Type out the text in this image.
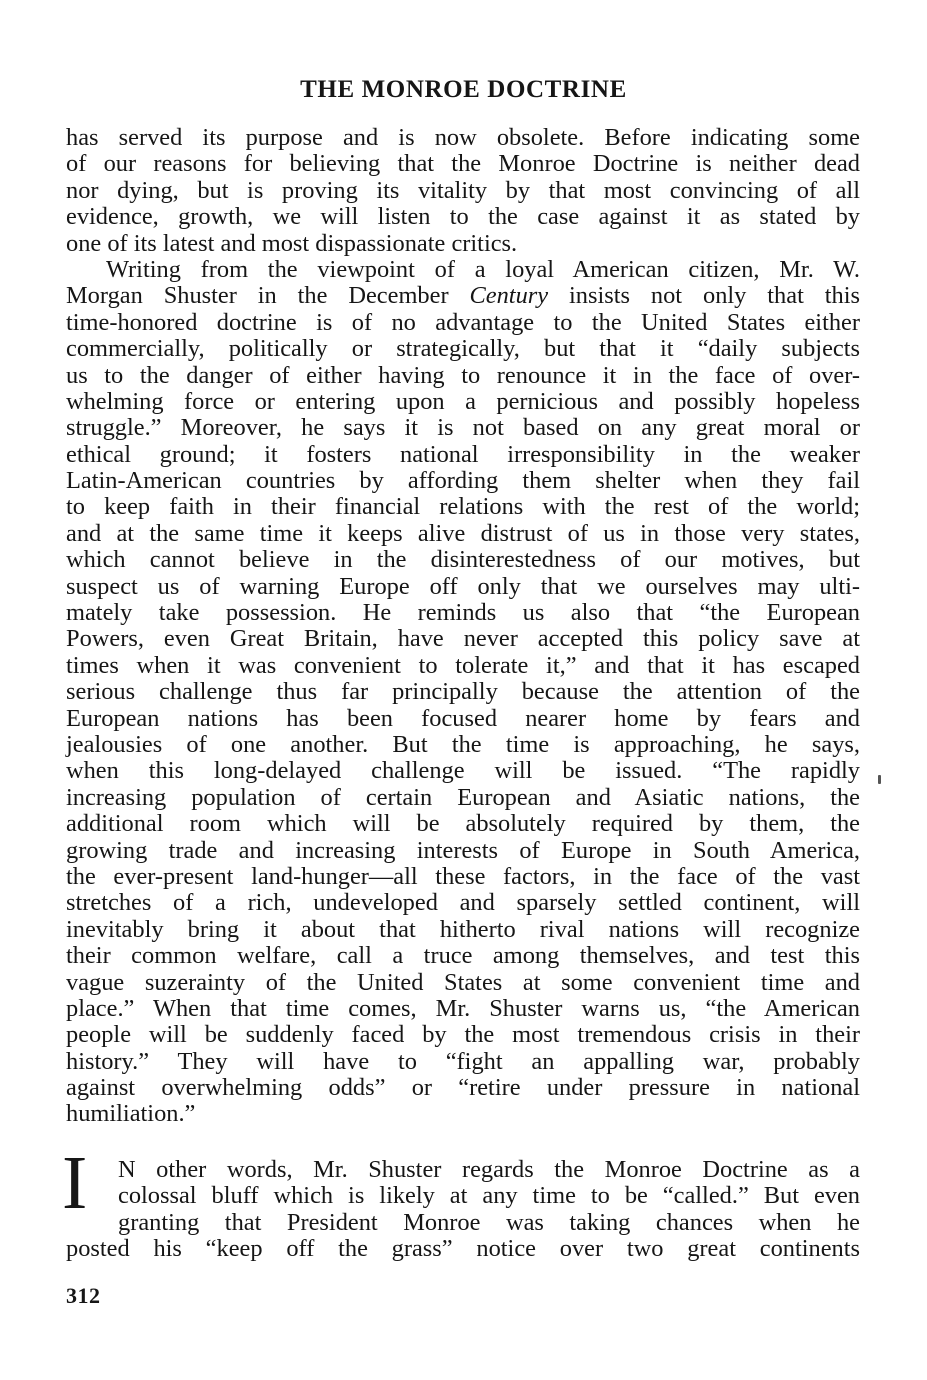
THE MONROE DOCTRINE
has served its purpose and is now obsolete. Before indicating some
of our reasons for believing that the Monroe Doctrine is neither dead
nor dying, but is proving its vitality by that most convincing of all
evidence, growth, we will listen to the case against it as stated by
one of its latest and most dispassionate critics.
Writing from the viewpoint of a loyal American citizen, Mr. W.
Morgan Shuster in the December Century insists not only that this
time-honored doctrine is of no advantage to the United States either
commercially, politically or strategically, but that it “daily subjects
us to the danger of either having to renounce it in the face of over-
whelming force or entering upon a pernicious and possibly hopeless
struggle.” Moreover, he says it is not based on any great moral or
ethical ground; it fosters national irresponsibility in the weaker
Latin-American countries by affording them shelter when they fail
to keep faith in their financial relations with the rest of the world;
and at the same time it keeps alive distrust of us in those very states,
which cannot believe in the disinterestedness of our motives, but
suspect us of warning Europe off only that we ourselves may ulti-
mately take possession. He reminds us also that “the European
Powers, even Great Britain, have never accepted this policy save at
times when it was convenient to tolerate it,” and that it has escaped
serious challenge thus far principally because the attention of the
European nations has been focused nearer home by fears and
jealousies of one another. But the time is approaching, he says,
when this long-delayed challenge will be issued. “The rapidly
increasing population of certain European and Asiatic nations, the
additional room which will be absolutely required by them, the
growing trade and increasing interests of Europe in South America,
the ever-present land-hunger—all these factors, in the face of the vast
stretches of a rich, undeveloped and sparsely settled continent, will
inevitably bring it about that hitherto rival nations will recognize
their common welfare, call a truce among themselves, and test this
vague suzerainty of the United States at some convenient time and
place.” When that time comes, Mr. Shuster warns us, “the American
people will be suddenly faced by the most tremendous crisis in their
history.” They will have to “fight an appalling war, probably
against overwhelming odds” or “retire under pressure in national
humiliation.”
I	N other words, Mr. Shuster regards the Monroe Doctrine as a
colossal bluff which is likely at any time to be “called.” But even
granting that President Monroe was taking chances when he
posted his “keep off the grass” notice over two great continents
312
